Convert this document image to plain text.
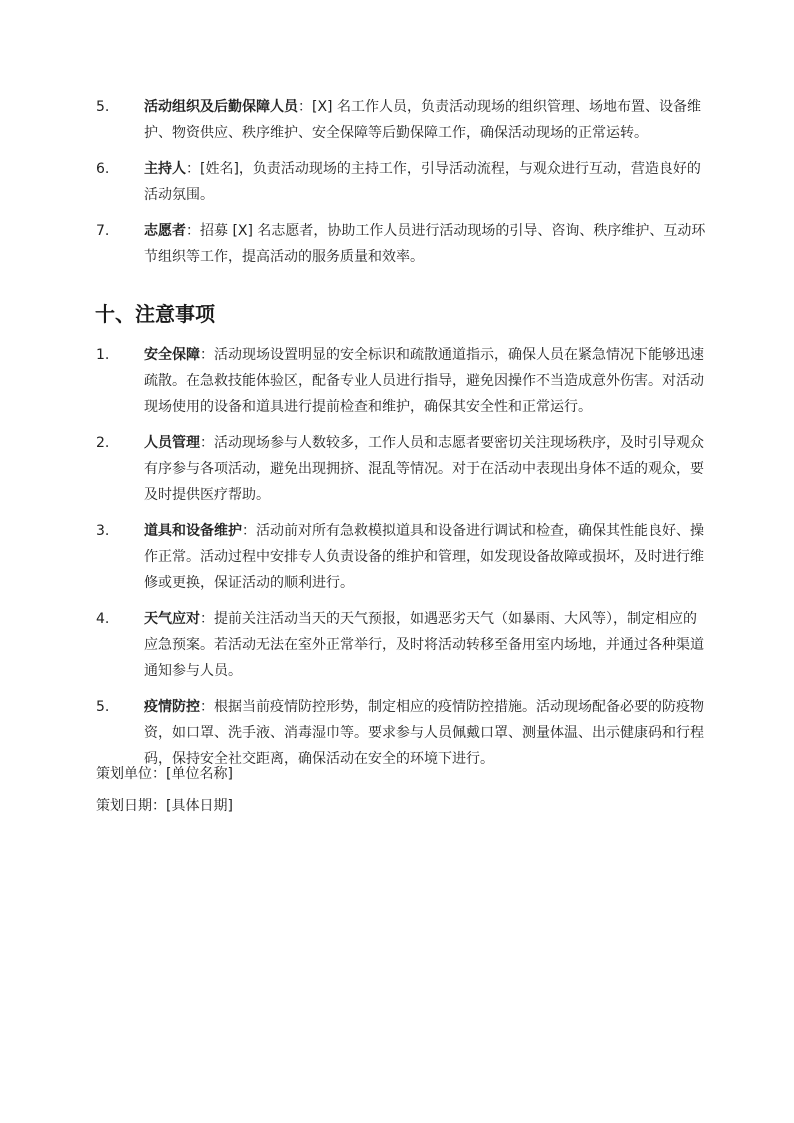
5. 活动组织及后勤保障人员：[X] 名工作人员，负责活动现场的组织管理、场地布置、设备维护、物资供应、秩序维护、安全保障等后勤保障工作，确保活动现场的正常运转。
6. 主持人：[姓名]，负责活动现场的主持工作，引导活动流程，与观众进行互动，营造良好的活动氛围。
7. 志愿者：招募 [X] 名志愿者，协助工作人员进行活动现场的引导、咨询、秩序维护、互动环节组织等工作，提高活动的服务质量和效率。
十、注意事项
1. 安全保障：活动现场设置明显的安全标识和疏散通道指示，确保人员在紧急情况下能够迅速疏散。在急救技能体验区，配备专业人员进行指导，避免因操作不当造成意外伤害。对活动现场使用的设备和道具进行提前检查和维护，确保其安全性和正常运行。
2. 人员管理：活动现场参与人数较多，工作人员和志愿者要密切关注现场秩序，及时引导观众有序参与各项活动，避免出现拥挤、混乱等情况。对于在活动中表现出身体不适的观众，要及时提供医疗帮助。
3. 道具和设备维护：活动前对所有急救模拟道具和设备进行调试和检查，确保其性能良好、操作正常。活动过程中安排专人负责设备的维护和管理，如发现设备故障或损坏，及时进行维修或更换，保证活动的顺利进行。
4. 天气应对：提前关注活动当天的天气预报，如遇恶劣天气（如暴雨、大风等），制定相应的应急预案。若活动无法在室外正常举行，及时将活动转移至备用室内场地，并通过各种渠道通知参与人员。
5. 疫情防控：根据当前疫情防控形势，制定相应的疫情防控措施。活动现场配备必要的防疫物资，如口罩、洗手液、消毒湿巾等。要求参与人员佩戴口罩、测量体温、出示健康码和行程码，保持安全社交距离，确保活动在安全的环境下进行。

策划单位：[单位名称]

策划日期：[具体日期]
